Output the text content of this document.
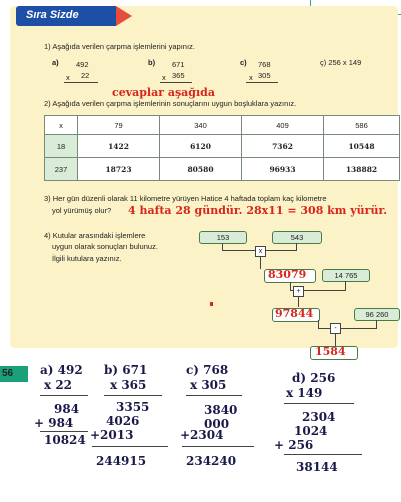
Sıra Sizde
1) Aşağıda verilen çarpma işlemlerini yapınız.
a) 492
x 22
b) 671
x 365
c) 768
x 305
ç) 256 x 149
cevaplar aşağıda
2) Aşağıda verilen çarpma işlemlerinin sonuçlarını uygun boşluklara yazınız.
x	79	340	409	586
18	1422	6120	7362	10548
237	18723	80580	96933	138882
3) Her gün düzenli olarak 11 kilometre yürüyen Hatice 4 haftada toplam kaç kilometre
yol yürümüş olur? 4 hafta 28 gündür. 28x11 = 308 km yürür.
4) Kutular arasındaki işlemlere
uygun olarak sonuçları bulunuz.
İlgili kutulara yazınız.
153	543
x
83079	14 765
+
97844	96 260
-
1584
56 a) 492
x 22
984
+ 984
10824
b) 671
x 365
3355
4026
+2013
244915
c) 768
x 305
3840
000
+2304
234240
d) 256
x 149
2304
1024
+ 256
38144
